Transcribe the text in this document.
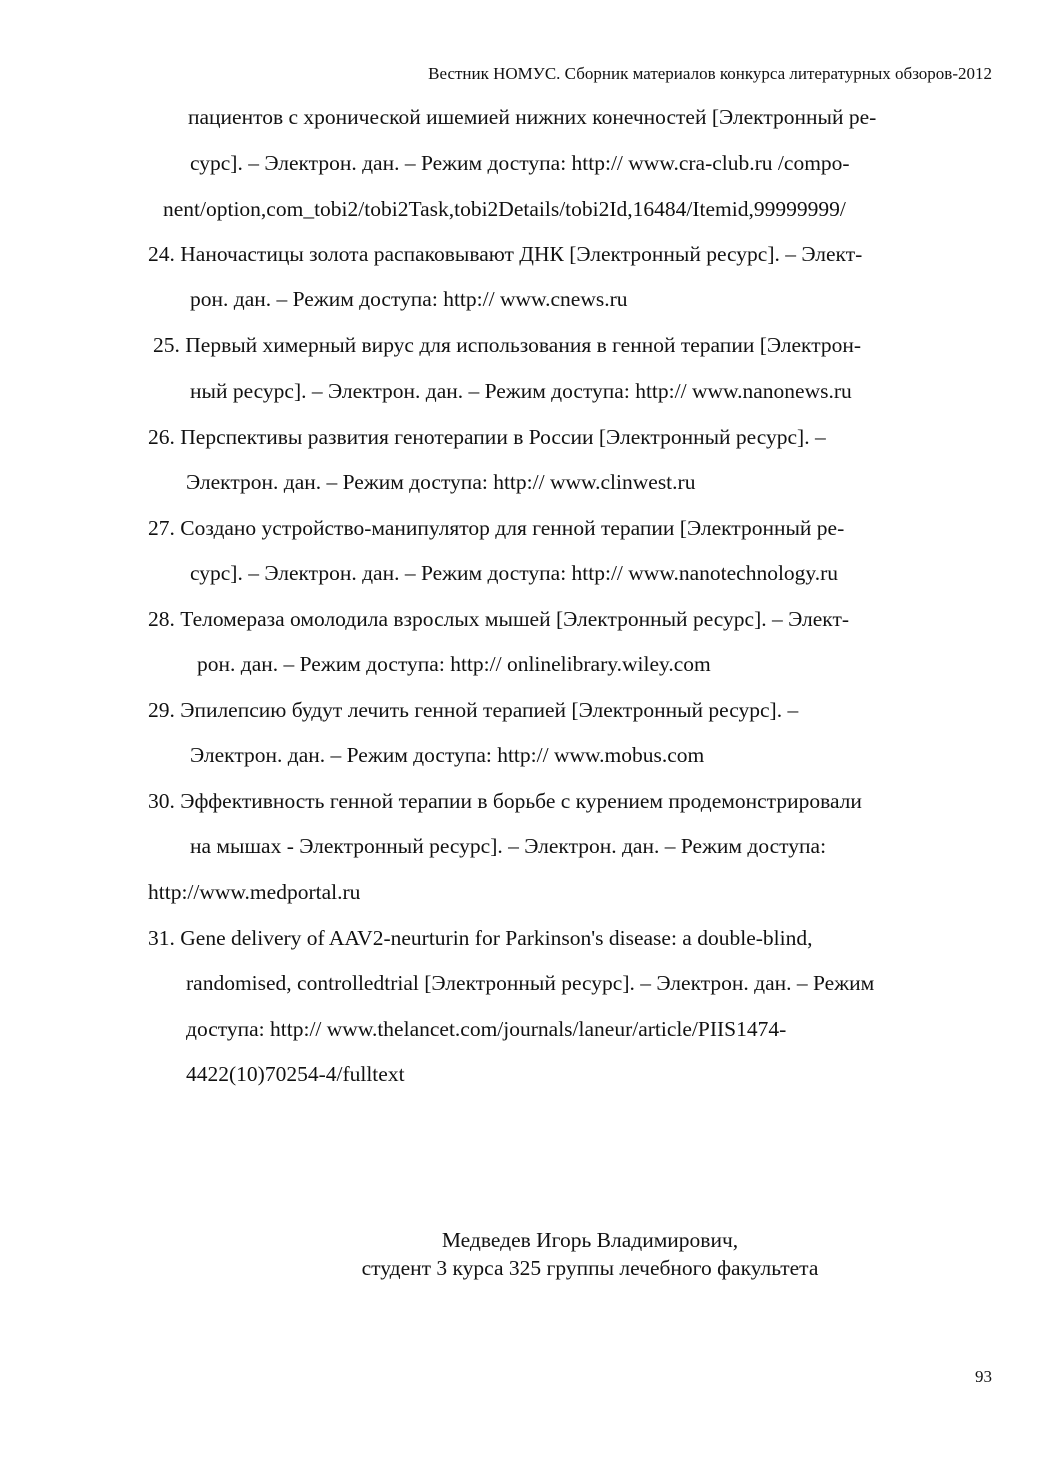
Вестник НОМУС. Сборник материалов конкурса литературных обзоров-2012
пациентов с хронической ишемией нижних конечностей [Электронный ре-
сурс]. – Электрон. дан. – Режим доступа: http:// www.cra-club.ru /compo-
nent/option,com_tobi2/tobi2Task,tobi2Details/tobi2Id,16484/Itemid,99999999/
24. Наночастицы золота распаковывают ДНК [Электронный ресурс]. – Элект-
рон. дан. – Режим доступа: http:// www.cnews.ru
25. Первый химерный вирус для использования в генной терапии [Электрон-
ный ресурс]. – Электрон. дан. – Режим доступа: http:// www.nanonews.ru
26. Перспективы развития генотерапии в России [Электронный ресурс]. –
Электрон. дан. – Режим доступа: http:// www.clinwest.ru
27. Создано устройство-манипулятор для генной терапии [Электронный ре-
сурс]. – Электрон. дан. – Режим доступа: http:// www.nanotechnology.ru
28. Теломераза омолодила взрослых мышей [Электронный ресурс]. – Элект-
рон. дан. – Режим доступа: http:// onlinelibrary.wiley.com
29. Эпилепсию будут лечить генной терапией [Электронный ресурс]. –
Электрон. дан. – Режим доступа: http:// www.mobus.com
30. Эффективность генной терапии в борьбе с курением продемонстрировали
на мышах - Электронный ресурс]. – Электрон. дан. – Режим доступа:
http://www.medportal.ru
31. Gene delivery of AAV2-neurturin for Parkinson's disease: a double-blind,
randomised, controlledtrial [Электронный ресурс]. – Электрон. дан. – Режим
доступа: http:// www.thelancet.com/journals/laneur/article/PIIS1474-
4422(10)70254-4/fulltext
Медведев Игорь Владимирович,
студент 3 курса 325 группы лечебного факультета
93
